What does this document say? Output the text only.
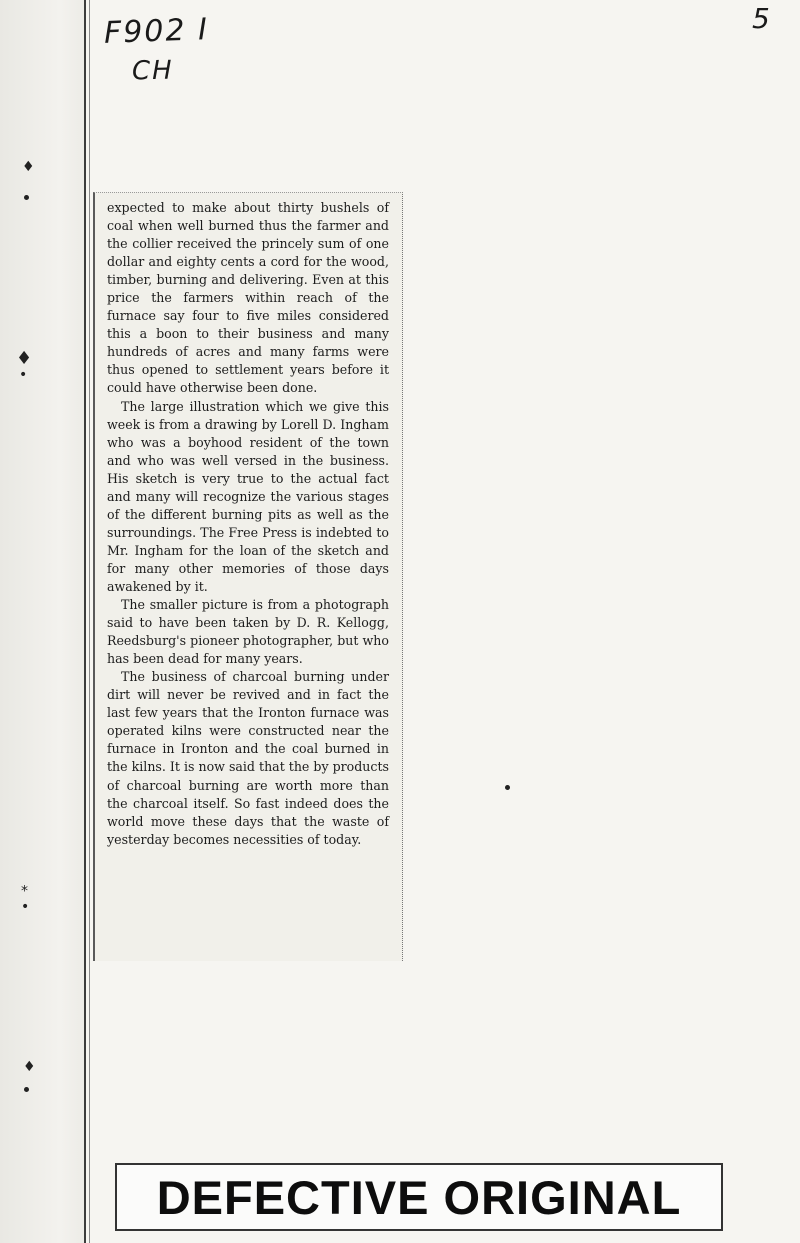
♦
♦
•
⁎
•
♦
F902 I
CH
5

expected to make about thirty bushels of coal when well burned thus the farmer and the collier received the princely sum of one dollar and eighty cents a cord for the wood, timber, burning and delivering. Even at this price the farmers within reach of the furnace say four to five miles considered this a boon to their business and many hundreds of acres and many farms were thus opened to settlement years before it could have otherwise been done.

The large illustration which we give this week is from a drawing by Lorell D. Ingham who was a boyhood resident of the town and who was well versed in the business. His sketch is very true to the actual fact and many will recognize the various stages of the different burning pits as well as the surroundings. The Free Press is indebted to Mr. Ingham for the loan of the sketch and for many other memories of those days awakened by it.

The smaller picture is from a photograph said to have been taken by D. R. Kellogg, Reedsburg's pioneer photographer, but who has been dead for many years.

The business of charcoal burning under dirt will never be revived and in fact the last few years that the Ironton furnace was operated kilns were constructed near the furnace in Ironton and the coal burned in the kilns. It is now said that the by products of charcoal burning are worth more than the charcoal itself. So fast indeed does the world move these days that the waste of yesterday becomes necessities of today.

DEFECTIVE ORIGINAL
